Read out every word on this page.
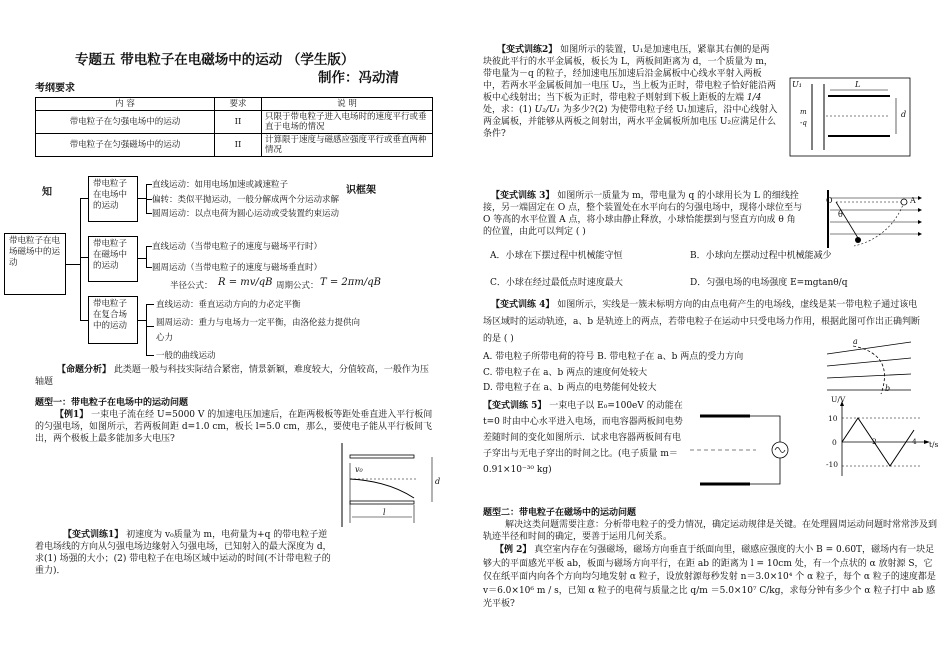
专题五 带电粒子在电磁场中的运动 （学生版）
制作：冯动清
考纲要求
内 容	要求	说 明
带电粒子在匀强电场中的运动	II	只限于带电粒子进入电场时的速度平行或垂直于电场的情况
带电粒子在匀强磁场中的运动	II	计算限于速度与磁感应强度平行或垂直两种情况
知	识框架
带电粒子在电场磁场中的运动
带电粒子在电场中的运动
带电粒子在磁场中的运动
带电粒子在复合场中的运动
直线运动：如用电场加速或减速粒子
偏转：类似平抛运动，一般分解成两个分运动求解
圆周运动：以点电荷为圆心运动或受装置约束运动
直线运动（当带电粒子的速度与磁场平行时）
圆周运动（当带电粒子的速度与磁场垂直时）
半径公式： R = mv/qB 周期公式： T = 2πm/qB
直线运动：垂直运动方向的力必定平衡
圆周运动：重力与电场力一定平衡，由洛伦兹力提供向心力
一般的曲线运动
【命题分析】 此类题一般与科技实际结合紧密，情景新颖，难度较大，分值较高，一般作为压轴题
题型一：带电粒子在电场中的运动问题
【例1】 一束电子流在经 U=5000 V 的加速电压加速后，在距两极板等距处垂直进入平行板间的匀强电场，如图所示，若两板间距 d=1.0 cm，板长 l=5.0 cm，那么，要使电子能从平行板间飞出，两个极板上最多能加多大电压?
v₀
d
l
【变式训练1】 初速度为 v₀质量为 m，电荷量为+q 的带电粒子逆着电场线的方向从匀强电场边缘射入匀强电场，已知射入的最大深度为 d，求(1) 场强的大小；(2) 带电粒子在电场区域中运动的时间(不计带电粒子的重力)．
【变式训练2】 如图所示的装置，U₁是加速电压，紧靠其右侧的是两块彼此平行的水平金属板，板长为 L，两板间距离为 d，一个质量为 m，带电量为－q 的粒子，经加速电压加速后沿金属板中心线水平射入两板中，若两水平金属板间加一电压 U₂，当上板为正时，带电粒子恰好能沿两板中心线射出；当下板为正时，带电粒子则射到下板上距板的左端 1/4 处，求：(1) U₂/U₁ 为多少?(2) 为使带电粒子经 U₁加速后，沿中心线射入两金属板，并能够从两板之间射出，两水平金属板所加电压 U₂应满足什么条件?
U₁	L
d
m
-q
【变式训练 3】 如图所示一质量为 m，带电量为 q 的小球用长为 L 的细线拴接，另一端固定在 O 点，整个装置处在水平向右的匀强电场中，现将小球位至与 O 等高的水平位置 A 点，将小球由静止释放，小球恰能摆到与竖直方向成 θ 角的位置，由此可以判定 ( )
A．小球在下摆过程中机械能守恒	B．小球向左摆动过程中机械能减少
C．小球在经过最低点时速度最大	D．匀强电场的电场强度 E=mgtanθ/q
O	A
θ
【变式训练 4】 如图所示，实线是一簇未标明方向的由点电荷产生的电场线，虚线是某一带电粒子通过该电场区域时的运动轨迹，a、b 是轨迹上的两点，若带电粒子在运动中只受电场力作用，根据此图可作出正确判断的是 ( )
A. 带电粒子所带电荷的符号 B. 带电粒子在 a、b 两点的受力方向
C. 带电粒子在 a、b 两点的速度何处较大
D. 带电粒子在 a、b 两点的电势能何处较大
a
b
【变式训练 5】 一束电子以 E₀=100eV 的动能在 t=0 时由中心水平进入电场，而电容器两板间电势差随时间的变化如图所示．试求电容器两板间有电子穿出与无电子穿出的时间之比。(电子质量 m＝0.91×10⁻³⁰ kg)
U/V
t/s
10
0
-10
2	4
题型二：带电粒子在磁场中的运动问题
解决这类问题需要注意：分析带电粒子的受力情况，确定运动规律是关键。在处理圆周运动问题时常常涉及到轨迹半径和时间的确定，要善于运用几何关系。
【例 2】 真空室内存在匀强磁场，磁场方向垂直于纸面向里，磁感应强度的大小 B = 0.60T，磁场内有一块足够大的平面感光平板 ab，板面与磁场方向平行，在距 ab 的距离为 l = 10cm 处，有一个点状的 α 放射源 S，它仅在纸平面内向各个方向均匀地发射 α 粒子，设放射源每秒发射 n＝3.0×10⁴ 个 α 粒子，每个 α 粒子的速度都是 v＝6.0×10⁶ m / s，已知 α 粒子的电荷与质量之比 q/m ＝5.0×10⁷ C/kg，求每分钟有多少个 α 粒子打中 ab 感光平板?
